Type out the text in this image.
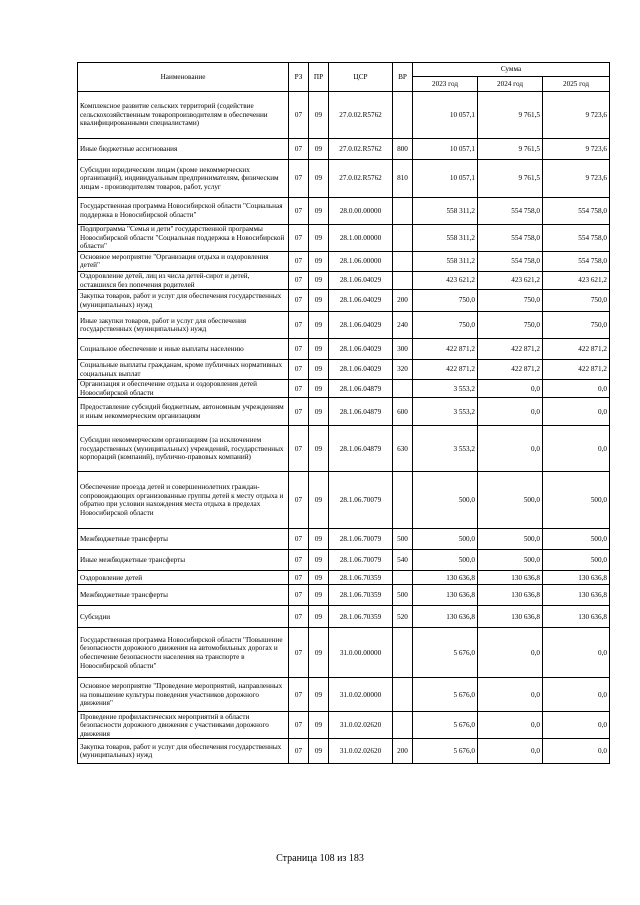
Наименование	РЗ	ПР	ЦСР	ВР	Сумма		
					2023 год	2024 год	2025 год
Комплексное развитие сельских территорий (содействие сельскохозяйственным товаропроизводителям в обеспечении квалифицированными специалистами)	07	09	27.0.02.R5762		10 057,1	9 761,5	9 723,6
Иные бюджетные ассигнования	07	09	27.0.02.R5762	800	10 057,1	9 761,5	9 723,6
Субсидии юридическим лицам (кроме некоммерческих организаций), индивидуальным предпринимателям, физическим лицам - производителям товаров, работ, услуг	07	09	27.0.02.R5762	810	10 057,1	9 761,5	9 723,6
Государственная программа Новосибирской области "Социальная поддержка в Новосибирской области"	07	09	28.0.00.00000		558 311,2	554 758,0	554 758,0
Подпрограмма "Семья и дети" государственной программы Новосибирской области "Социальная поддержка в Новосибирской области"	07	09	28.1.00.00000		558 311,2	554 758,0	554 758,0
Основное мероприятие "Организация отдыха и оздоровления детей"	07	09	28.1.06.00000		558 311,2	554 758,0	554 758,0
Оздоровление детей, лиц из числа детей-сирот и детей, оставшихся без попечения родителей	07	09	28.1.06.04029		423 621,2	423 621,2	423 621,2
Закупка товаров, работ и услуг для обеспечения государственных (муниципальных) нужд	07	09	28.1.06.04029	200	750,0	750,0	750,0
Иные закупки товаров, работ и услуг для обеспечения государственных (муниципальных) нужд	07	09	28.1.06.04029	240	750,0	750,0	750,0
Социальное обеспечение и иные выплаты населению	07	09	28.1.06.04029	300	422 871,2	422 871,2	422 871,2
Социальные выплаты гражданам, кроме публичных нормативных социальных выплат	07	09	28.1.06.04029	320	422 871,2	422 871,2	422 871,2
Организация и обеспечение отдыха и оздоровления детей Новосибирской области	07	09	28.1.06.04879		3 553,2	0,0	0,0
Предоставление субсидий бюджетным, автономным учреждениям и иным некоммерческим организациям	07	09	28.1.06.04879	600	3 553,2	0,0	0,0
Субсидии некоммерческим организациям (за исключением государственных (муниципальных) учреждений, государственных корпораций (компаний), публично-правовых компаний)	07	09	28.1.06.04879	630	3 553,2	0,0	0,0
Обеспечение проезда детей и совершеннолетних граждан-сопровождающих организованные группы детей к месту отдыха и обратно при условии нахождения места отдыха в пределах Новосибирской области	07	09	28.1.06.70079		500,0	500,0	500,0
Межбюджетные трансферты	07	09	28.1.06.70079	500	500,0	500,0	500,0
Иные межбюджетные трансферты	07	09	28.1.06.70079	540	500,0	500,0	500,0
Оздоровление детей	07	09	28.1.06.70359		130 636,8	130 636,8	130 636,8
Межбюджетные трансферты	07	09	28.1.06.70359	500	130 636,8	130 636,8	130 636,8
Субсидии	07	09	28.1.06.70359	520	130 636,8	130 636,8	130 636,8
Государственная программа Новосибирской области "Повышение безопасности дорожного движения на автомобильных дорогах и обеспечение безопасности населения на транспорте в Новосибирской области"	07	09	31.0.00.00000		5 676,0	0,0	0,0
Основное мероприятие "Проведение мероприятий, направленных на повышение культуры поведения участников дорожного движения"	07	09	31.0.02.00000		5 676,0	0,0	0,0
Проведение профилактических мероприятий в области безопасности дорожного движения с участниками дорожного движения	07	09	31.0.02.02620		5 676,0	0,0	0,0
Закупка товаров, работ и услуг для обеспечения государственных (муниципальных) нужд	07	09	31.0.02.02620	200	5 676,0	0,0	0,0
Страница 108 из 183
